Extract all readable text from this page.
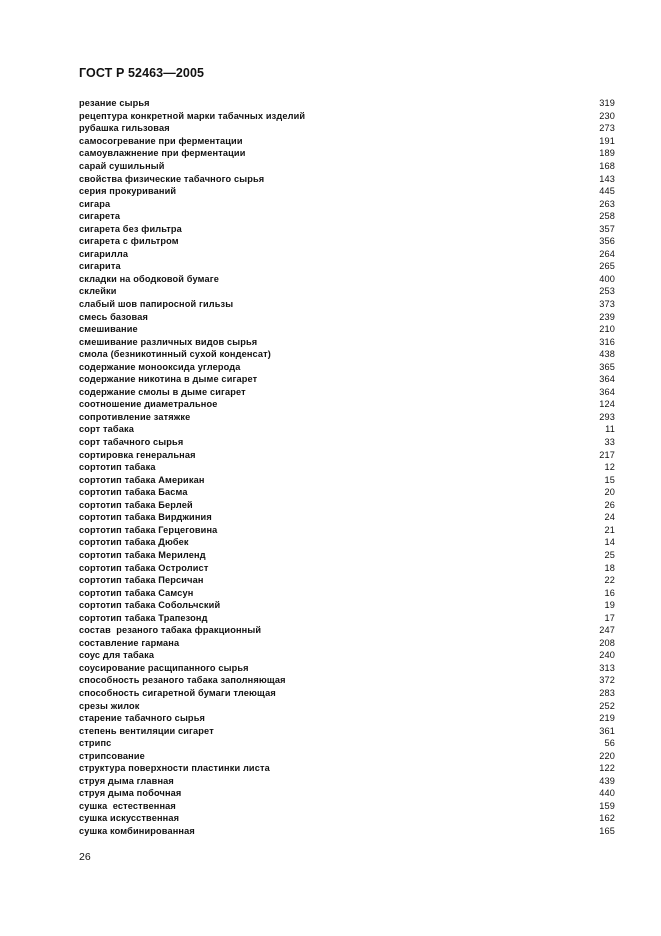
ГОСТ Р 52463—2005
резание сырья	319
рецептура конкретной марки табачных изделий	230
рубашка гильзовая	273
самосогревание при ферментации	191
самоувлажнение при ферментации	189
сарай сушильный	168
свойства физические табачного сырья	143
серия прокуриваний	445
сигара	263
сигарета	258
сигарета без фильтра	357
сигарета с фильтром	356
сигарилла	264
сигарита	265
складки на ободковой бумаге	400
склейки	253
слабый шов папиросной гильзы	373
смесь базовая	239
смешивание	210
смешивание различных видов сырья	316
смола (безникотинный сухой конденсат)	438
содержание монооксида углерода	365
содержание никотина в дыме сигарет	364
содержание смолы в дыме сигарет	364
соотношение диаметральное	124
сопротивление затяжке	293
сорт табака	11
сорт табачного сырья	33
сортировка генеральная	217
сортотип табака	12
сортотип табака Американ	15
сортотип табака Басма	20
сортотип табака Берлей	26
сортотип табака Вирджиния	24
сортотип табака Герцеговина	21
сортотип табака Дюбек	14
сортотип табака Мериленд	25
сортотип табака Остролист	18
сортотип табака Персичан	22
сортотип табака Самсун	16
сортотип табака Собольчский	19
сортотип табака Трапезонд	17
состав  резаного табака фракционный	247
составление гармана	208
соус для табака	240
соусирование расщипанного сырья	313
способность резаного табака заполняющая	372
способность сигаретной бумаги тлеющая	283
срезы жилок	252
старение табачного сырья	219
степень вентиляции сигарет	361
стрипс	56
стрипсование	220
структура поверхности пластинки листа	122
струя дыма главная	439
струя дыма побочная	440
сушка  естественная	159
сушка искусственная	162
сушка комбинированная	165
26
